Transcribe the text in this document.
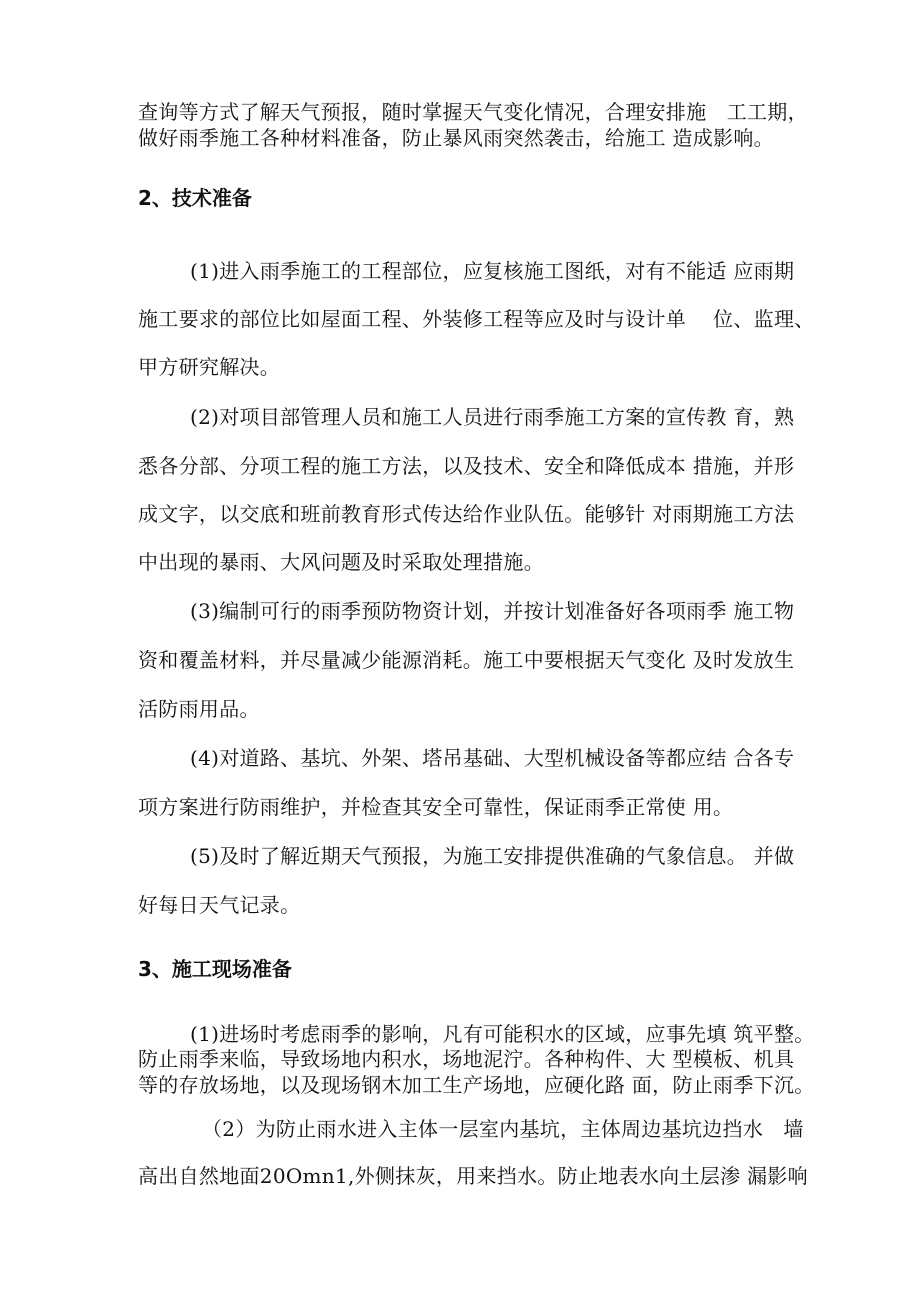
查询等方式了解天气预报，随时掌握天气变化情况，合理安排施　工工期，
做好雨季施工各种材料准备，防止暴风雨突然袭击，给施工 造成影响。
2、技术准备
(1)进入雨季施工的工程部位，应复核施工图纸，对有不能适 应雨期
施工要求的部位比如屋面工程、外装修工程等应及时与设计单　 位、监理、
甲方研究解决。
(2)对项目部管理人员和施工人员进行雨季施工方案的宣传教 育，熟
悉各分部、分项工程的施工方法，以及技术、安全和降低成本 措施，并形
成文字，以交底和班前教育形式传达给作业队伍。能够针 对雨期施工方法
中出现的暴雨、大风问题及时采取处理措施。
(3)编制可行的雨季预防物资计划，并按计划准备好各项雨季 施工物
资和覆盖材料，并尽量减少能源消耗。施工中要根据天气变化 及时发放生
活防雨用品。
(4)对道路、基坑、外架、塔吊基础、大型机械设备等都应结 合各专
项方案进行防雨维护，并检查其安全可靠性，保证雨季正常使 用。
(5)及时了解近期天气预报，为施工安排提供准确的气象信息。 并做
好每日天气记录。
3、施工现场准备
(1)进场时考虑雨季的影响，凡有可能积水的区域，应事先填 筑平整。
防止雨季来临，导致场地内积水，场地泥泞。各种构件、大 型模板、机具
等的存放场地，以及现场钢木加工生产场地，应硬化路 面，防止雨季下沉。
（2）为防止雨水进入主体一层室内基坑，主体周边基坑边挡水　墙
高出自然地面20Omn1,外侧抹灰，用来挡水。防止地表水向土层渗 漏影响
